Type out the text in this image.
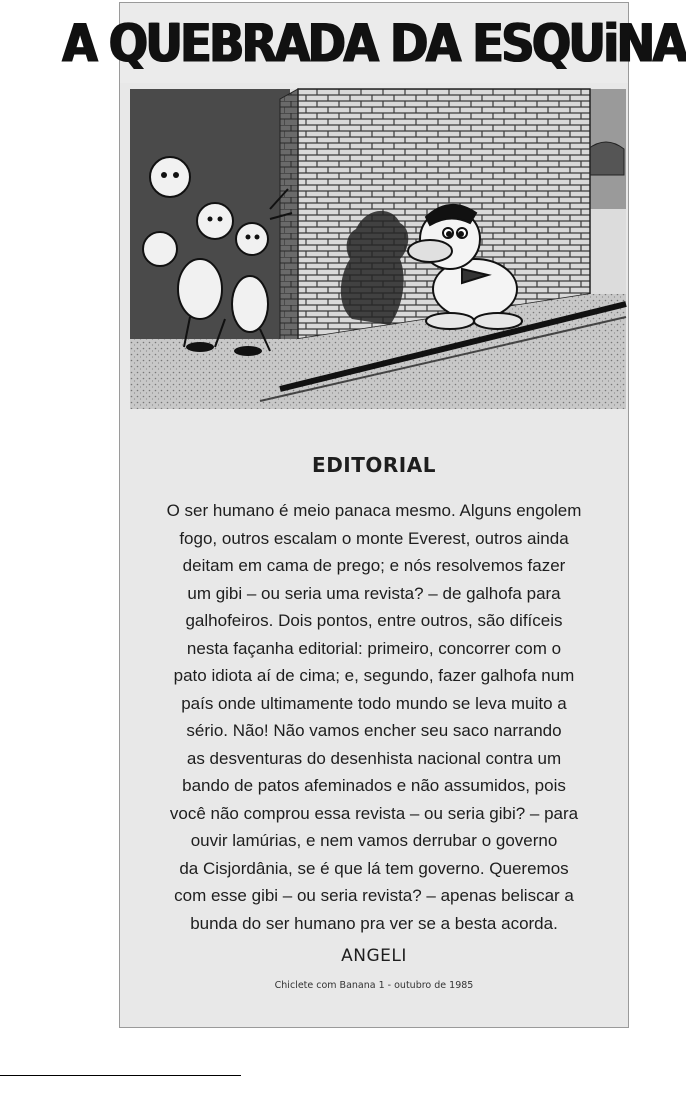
A QUEBRADA DA ESQUiNA
EDITORIAL

O ser humano é meio panaca mesmo. Alguns engolem
fogo, outros escalam o monte Everest, outros ainda
deitam em cama de prego; e nós resolvemos fazer
um gibi – ou seria uma revista? – de galhofa para
galhofeiros. Dois pontos, entre outros, são difíceis
nesta façanha editorial: primeiro, concorrer com o
pato idiota aí de cima; e, segundo, fazer galhofa num
país onde ultimamente todo mundo se leva muito a
sério. Não! Não vamos encher seu saco narrando
as desventuras do desenhista nacional contra um
bando de patos afeminados e não assumidos, pois
você não comprou essa revista – ou seria gibi? – para
ouvir lamúrias, e nem vamos derrubar o governo
da Cisjordânia, se é que lá tem governo. Queremos
com esse gibi – ou seria revista? – apenas beliscar a
bunda do ser humano pra ver se a besta acorda.

ANGELI
Chiclete com Banana 1 - outubro de 1985
